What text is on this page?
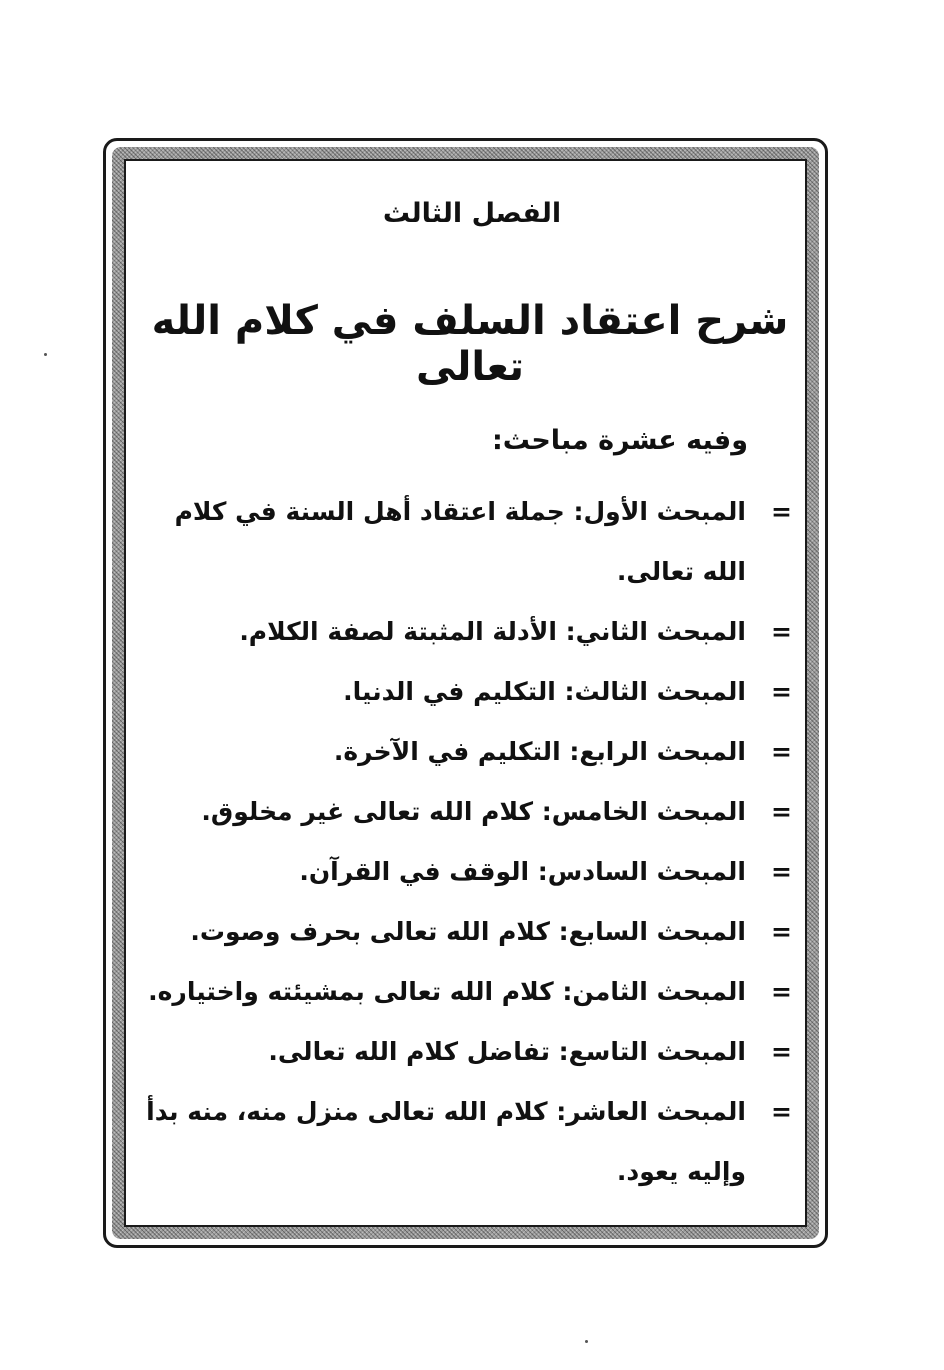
الفصل الثالث
شرح اعتقاد السلف في كلام الله تعالى
وفيه عشرة مباحث:
=
المبحث الأول: جملة اعتقاد أهل السنة في كلام الله تعالى.
=
المبحث الثاني: الأدلة المثبتة لصفة الكلام.
=
المبحث الثالث: التكليم في الدنيا.
=
المبحث الرابع: التكليم في الآخرة.
=
المبحث الخامس: كلام الله تعالى غير مخلوق.
=
المبحث السادس: الوقف في القرآن.
=
المبحث السابع: كلام الله تعالى بحرف وصوت.
=
المبحث الثامن: كلام الله تعالى بمشيئته واختياره.
=
المبحث التاسع: تفاضل كلام الله تعالى.
=
المبحث العاشر: كلام الله تعالى منزل منه، منه بدأ وإليه يعود.
